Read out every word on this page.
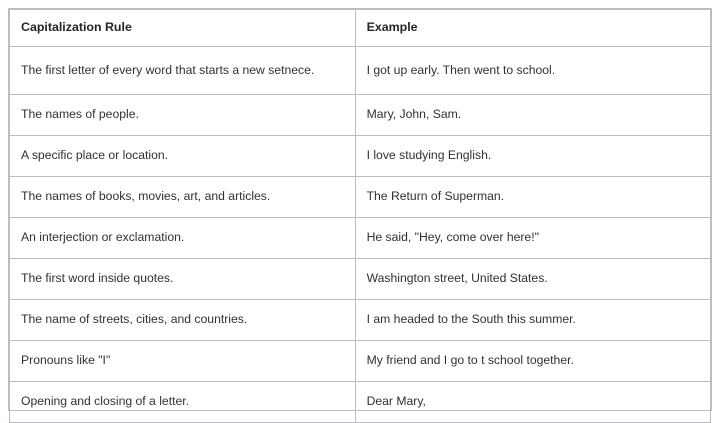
Capitalization Rule	Example

The first letter of every word that starts a new setnece.	I got up early. Then went to school.

The names of people.	Mary, John, Sam.

A specific place or location.	I love studying English.

The names of books, movies, art, and articles.	The Return of Superman.

An interjection or exclamation.	He said, "Hey, come over here!"

The first word inside quotes.	Washington street, United States.

The name of streets, cities, and countries.	I am headed to the South this summer.

Pronouns like "I"	My friend and I go to t school together.

Opening and closing of a letter.	Dear Mary,
